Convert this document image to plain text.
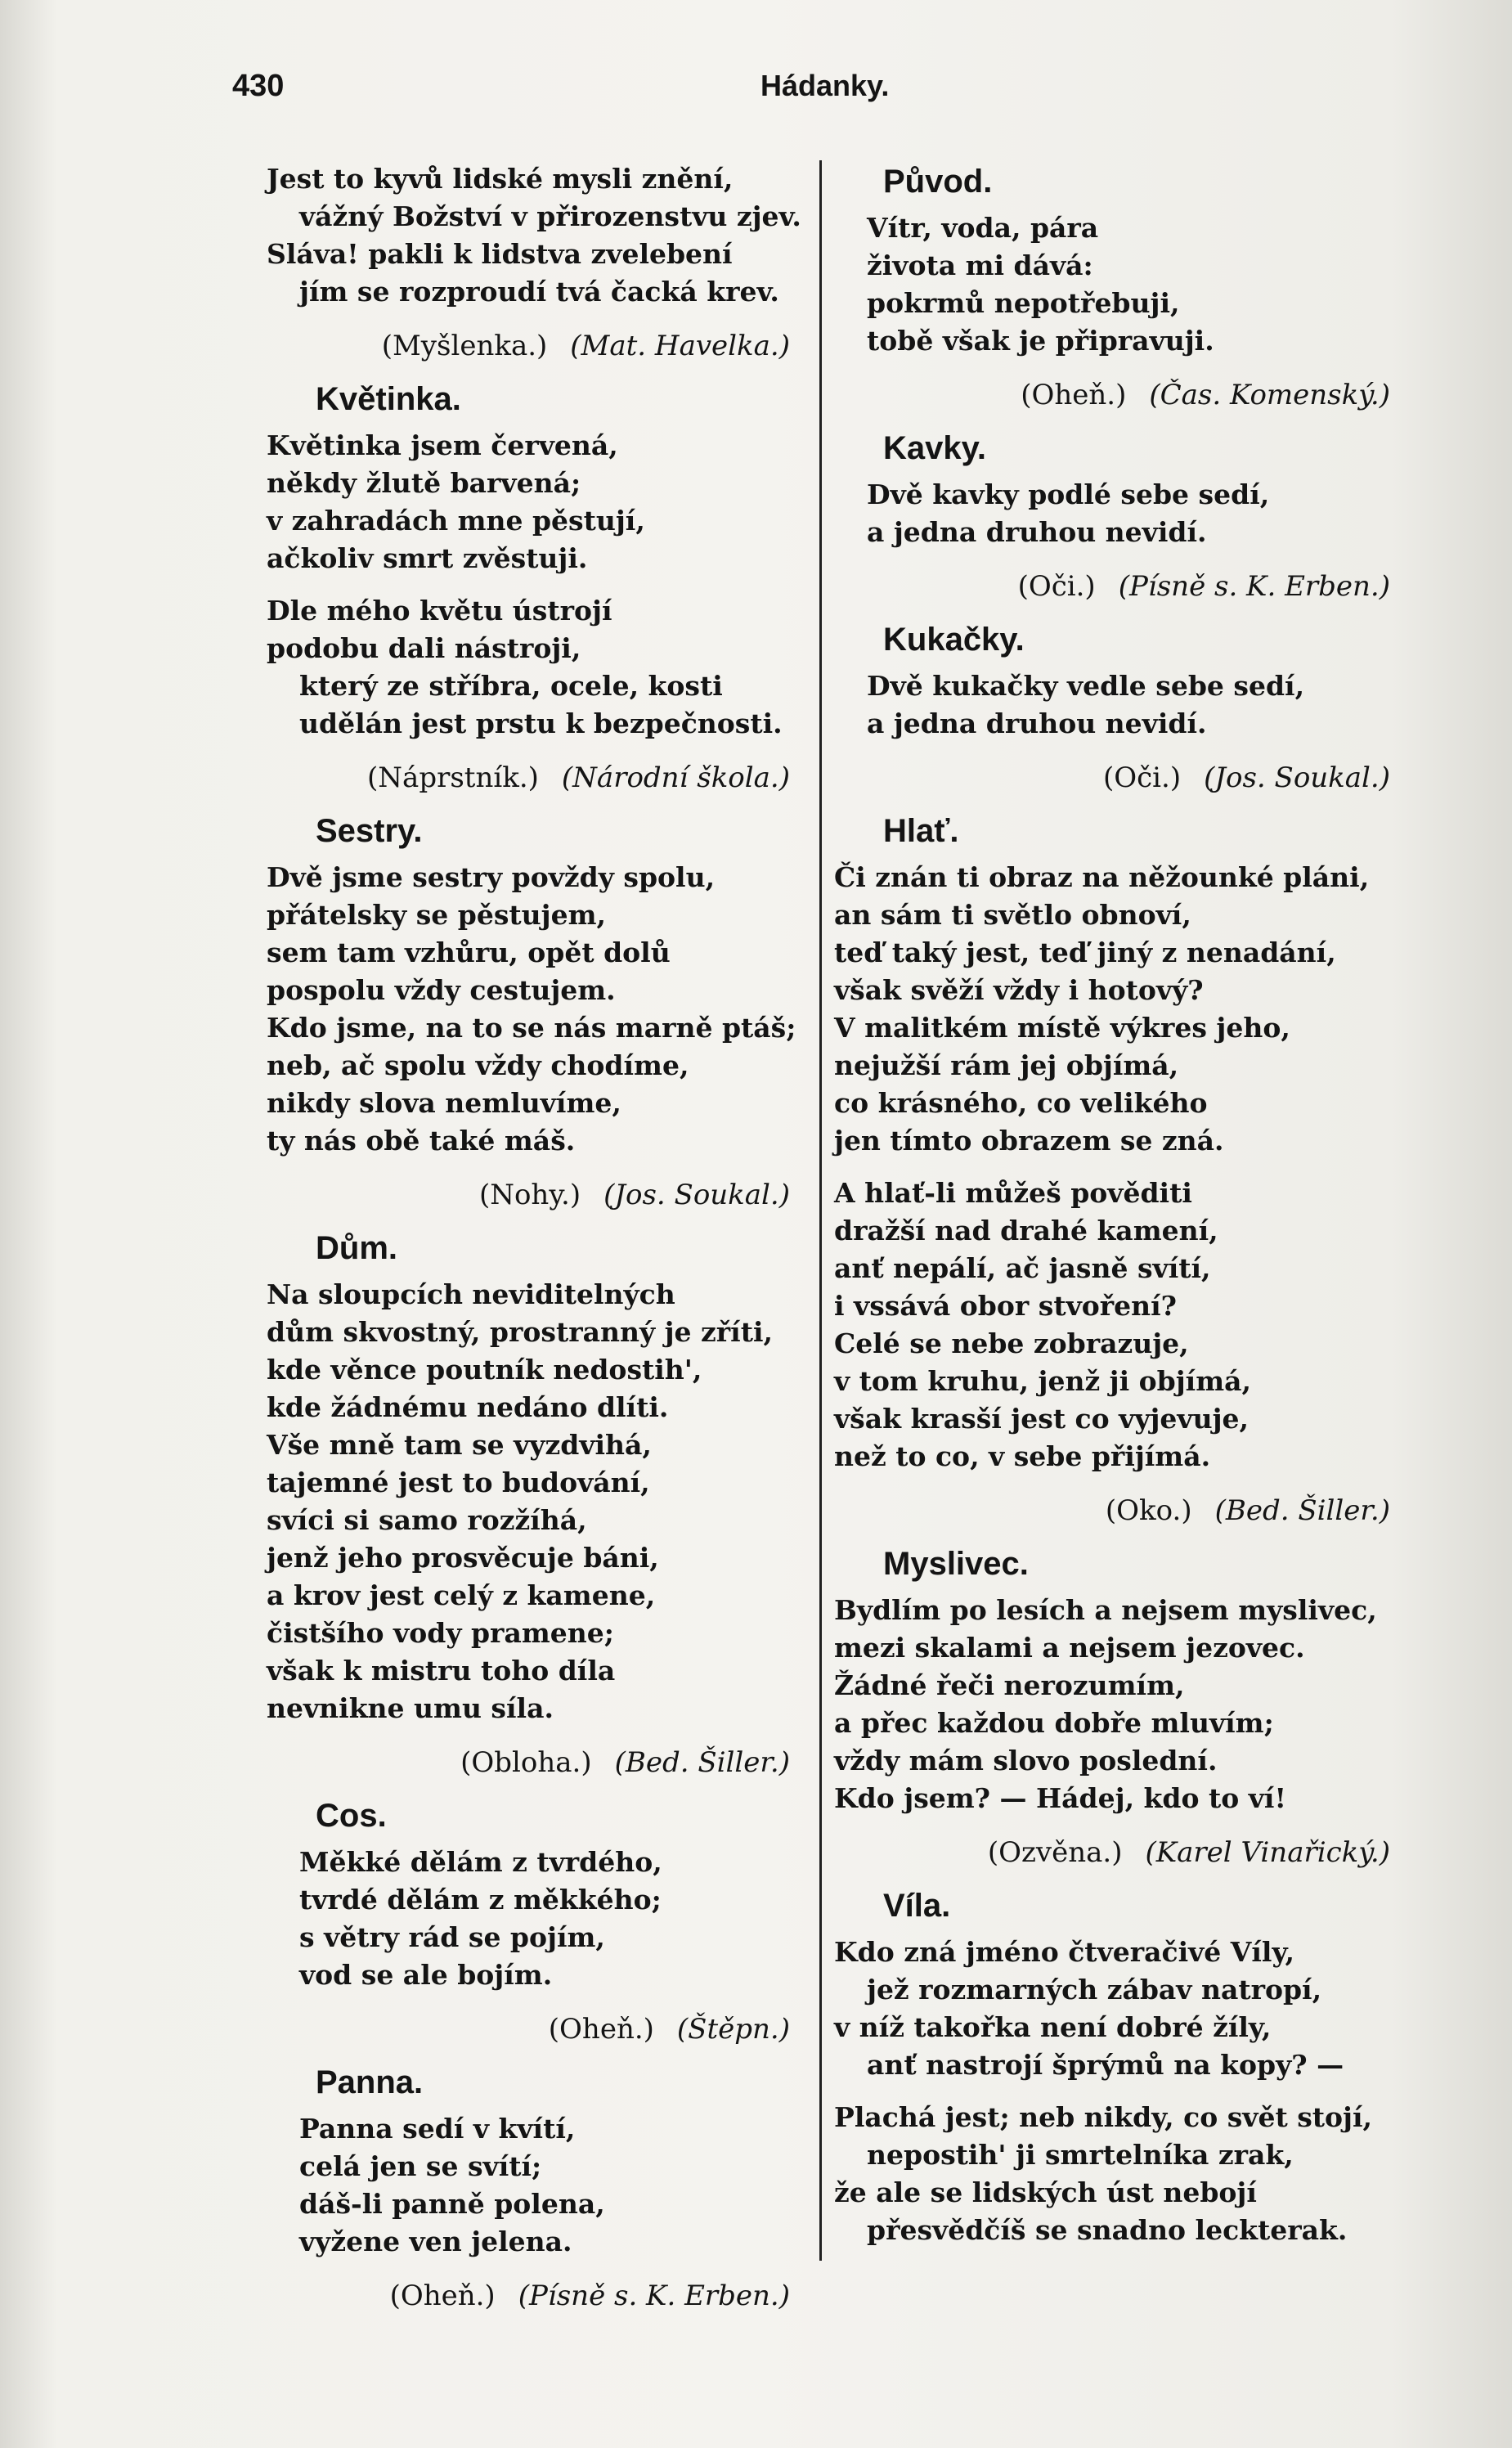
430	Hádanky.
Jest to kyvů lidské mysli znění,
vážný Božství v přirozenstvu zjev.
Sláva! pakli k lidstva zvelebení
jím se rozproudí tvá čacká krev.
(Myšlenka.) (Mat. Havelka.)
Květinka.
Květinka jsem červená,
někdy žlutě barvená;
v zahradách mne pěstují,
ačkoliv smrt zvěstuji.
Dle mého květu ústrojí
podobu dali nástroji,
který ze stříbra, ocele, kosti
udělán jest prstu k bezpečnosti.
(Náprstník.) (Národní škola.)
Sestry.
Dvě jsme sestry povždy spolu,
přátelsky se pěstujem,
sem tam vzhůru, opět dolů
pospolu vždy cestujem.
Kdo jsme, na to se nás marně ptáš;
neb, ač spolu vždy chodíme,
nikdy slova nemluvíme,
ty nás obě také máš.
(Nohy.) (Jos. Soukal.)
Dům.
Na sloupcích neviditelných
dům skvostný, prostranný je zříti,
kde věnce poutník nedostih',
kde žádnému nedáno dlíti.
Vše mně tam se vyzdvihá,
tajemné jest to budování,
svíci si samo rozžíhá,
jenž jeho prosvěcuje báni,
a krov jest celý z kamene,
čistšího vody pramene;
však k mistru toho díla
nevnikne umu síla.
(Obloha.) (Bed. Šiller.)
Cos.
Měkké dělám z tvrdého,
tvrdé dělám z měkkého;
s větry rád se pojím,
vod se ale bojím.
(Oheň.) (Štěpn.)
Panna.
Panna sedí v kvítí,
celá jen se svítí;
dáš-li panně polena,
vyžene ven jelena.
(Oheň.) (Písně s. K. Erben.)
Původ.
Vítr, voda, pára
života mi dává:
pokrmů nepotřebuji,
tobě však je připravuji.
(Oheň.) (Čas. Komenský.)
Kavky.
Dvě kavky podlé sebe sedí,
a jedna druhou nevidí.
(Oči.) (Písně s. K. Erben.)
Kukačky.
Dvě kukačky vedle sebe sedí,
a jedna druhou nevidí.
(Oči.) (Jos. Soukal.)
Hlať.
Či znán ti obraz na něžounké pláni,
an sám ti světlo obnoví,
teď taký jest, teď jiný z nenadání,
však svěží vždy i hotový?
V malitkém místě výkres jeho,
nejužší rám jej objímá,
co krásného, co velikého
jen tímto obrazem se zná.
A hlať-li můžeš pověditi
dražší nad drahé kamení,
anť nepálí, ač jasně svítí,
i vssává obor stvoření?
Celé se nebe zobrazuje,
v tom kruhu, jenž ji objímá,
však krasší jest co vyjevuje,
než to co, v sebe přijímá.
(Oko.) (Bed. Šiller.)
Myslivec.
Bydlím po lesích a nejsem myslivec,
mezi skalami a nejsem jezovec.
Žádné řeči nerozumím,
a přec každou dobře mluvím;
vždy mám slovo poslední.
Kdo jsem? — Hádej, kdo to ví!
(Ozvěna.) (Karel Vinařický.)
Víla.
Kdo zná jméno čtveračivé Víly,
jež rozmarných zábav natropí,
v níž takořka není dobré žíly,
anť nastrojí šprýmů na kopy? —
Plachá jest; neb nikdy, co svět stojí,
nepostih' ji smrtelníka zrak,
že ale se lidských úst nebojí
přesvědčíš se snadno leckterak.
